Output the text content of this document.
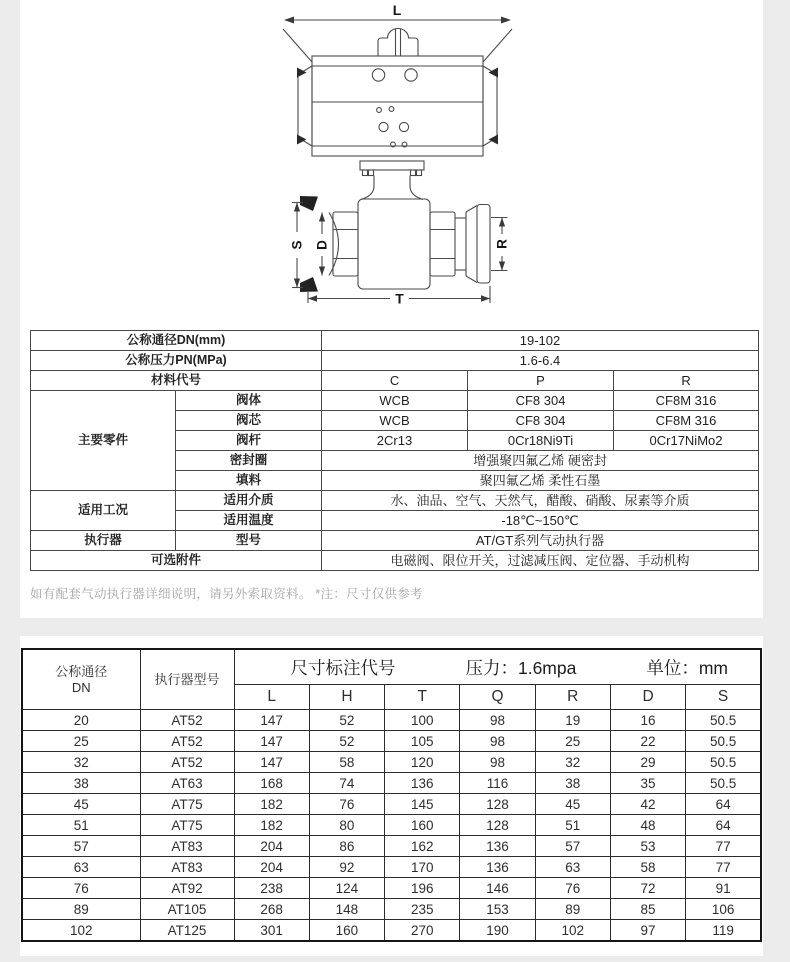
L
S D	R
T
公称通径DN(mm)		19-102		
公称压力PN(MPa)		1.6-6.4		
材料代号		C	P	R
主要零件	阀体	WCB	CF8 304	CF8M 316
	阀芯	WCB	CF8 304	CF8M 316
	阀杆	2Cr13	0Cr18Ni9Ti	0Cr17NiMo2
	密封圈	增强聚四氟乙烯 硬密封		
	填料	聚四氟乙烯 柔性石墨		
适用工况	适用介质	水、油品、空气、天然气，醋酸、硝酸、尿素等介质		
	适用温度	-18℃~150℃		
执行器	型号	AT/GT系列气动执行器		
可选附件		电磁阀、限位开关，过滤减压阀、定位器、手动机构		
如有配套气动执行器详细说明，请另外索取资料。 *注：尺寸仅供参考
公称通径
DN	执行器型号	尺寸标注代号 压力：1.6mpa 单位：mm						

		L	H	T	Q	R	D	S
20	AT52	147	52	100	98	19	16	50.5
25	AT52	147	52	105	98	25	22	50.5
32	AT52	147	58	120	98	32	29	50.5
38	AT63	168	74	136	116	38	35	50.5
45	AT75	182	76	145	128	45	42	64
51	AT75	182	80	160	128	51	48	64
57	AT83	204	86	162	136	57	53	77
63	AT83	204	92	170	136	63	58	77
76	AT92	238	124	196	146	76	72	91
89	AT105	268	148	235	153	89	85	106
102	AT125	301	160	270	190	102	97	119
